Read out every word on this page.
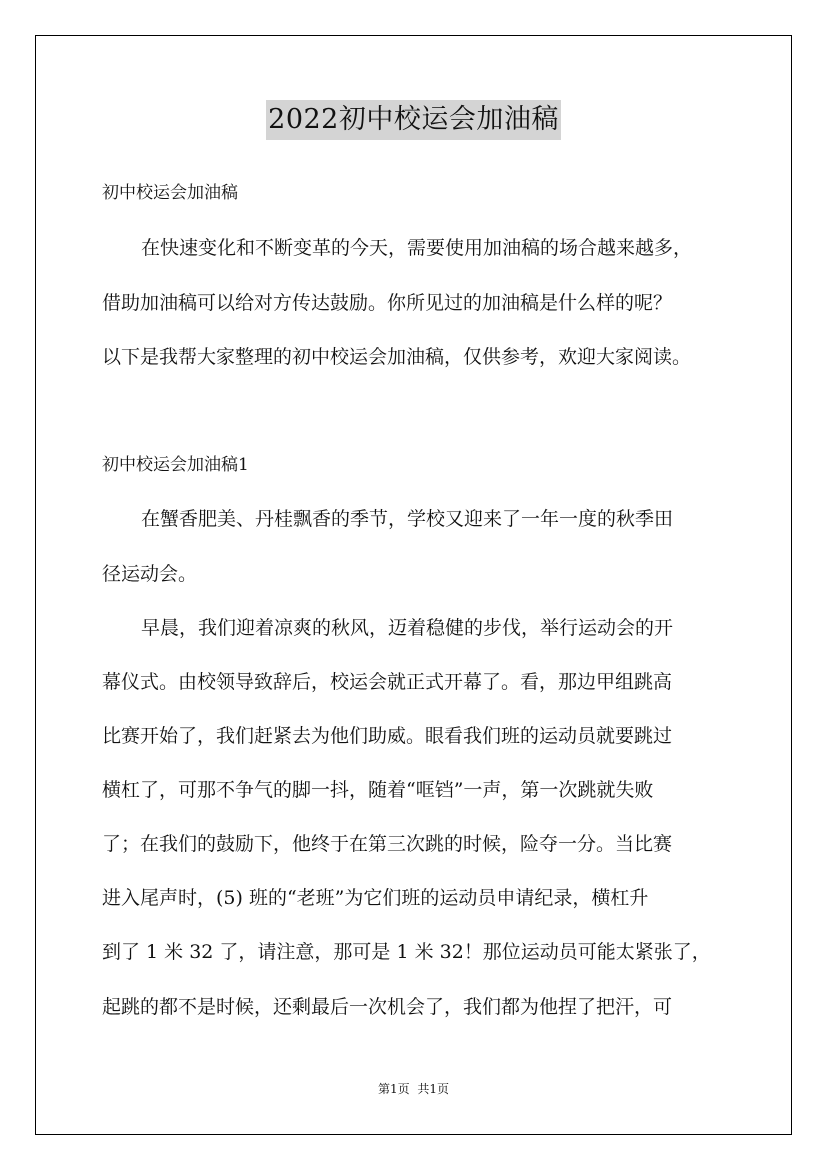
2022初中校运会加油稿
初中校运会加油稿
在快速变化和不断变革的今天，需要使用加油稿的场合越来越多，
借助加油稿可以给对方传达鼓励。你所见过的加油稿是什么样的呢？
以下是我帮大家整理的初中校运会加油稿，仅供参考，欢迎大家阅读。
初中校运会加油稿1
在蟹香肥美、丹桂飘香的季节，学校又迎来了一年一度的秋季田
径运动会。
早晨，我们迎着凉爽的秋风，迈着稳健的步伐，举行运动会的开
幕仪式。由校领导致辞后，校运会就正式开幕了。看，那边甲组跳高
比赛开始了，我们赶紧去为他们助威。眼看我们班的运动员就要跳过
横杠了，可那不争气的脚一抖，随着“哐铛”一声，第一次跳就失败
了；在我们的鼓励下，他终于在第三次跳的时候，险夺一分。当比赛
进入尾声时，(5) 班的“老班”为它们班的运动员申请纪录，横杠升
到了 1 米 32 了，请注意，那可是 1 米 32！那位运动员可能太紧张了，
起跳的都不是时候，还剩最后一次机会了，我们都为他捏了把汗，可
第1页 共1页
